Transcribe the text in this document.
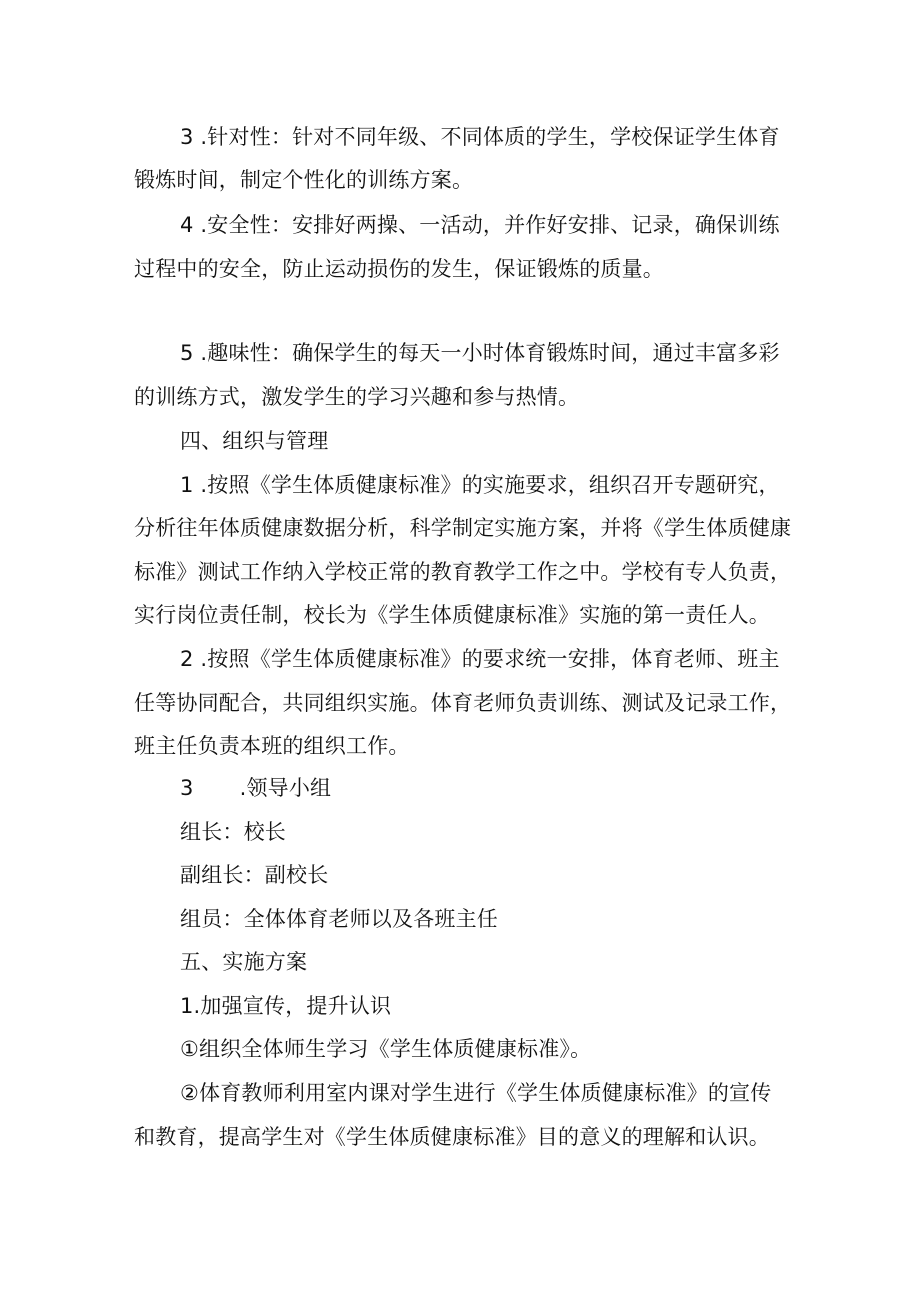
3 .针对性：针对不同年级、不同体质的学生，学校保证学生体育
锻炼时间，制定个性化的训练方案。
4 .安全性：安排好两操、一活动，并作好安排、记录，确保训练
过程中的安全，防止运动损伤的发生，保证锻炼的质量。
5 .趣味性：确保学生的每天一小时体育锻炼时间，通过丰富多彩
的训练方式，激发学生的学习兴趣和参与热情。
四、组织与管理
1 .按照《学生体质健康标准》的实施要求，组织召开专题研究，
分析往年体质健康数据分析，科学制定实施方案，并将《学生体质健康
标准》测试工作纳入学校正常的教育教学工作之中。学校有专人负责，
实行岗位责任制，校长为《学生体质健康标准》实施的第一责任人。
2 .按照《学生体质健康标准》的要求统一安排，体育老师、班主
任等协同配合，共同组织实施。体育老师负责训练、测试及记录工作，
班主任负责本班的组织工作。
3 .领导小组
组长：校长
副组长：副校长
组员：全体体育老师以及各班主任
五、实施方案
1.加强宣传，提升认识
①组织全体师生学习《学生体质健康标准》。
②体育教师利用室内课对学生进行《学生体质健康标准》的宣传
和教育，提高学生对《学生体质健康标准》目的意义的理解和认识。
